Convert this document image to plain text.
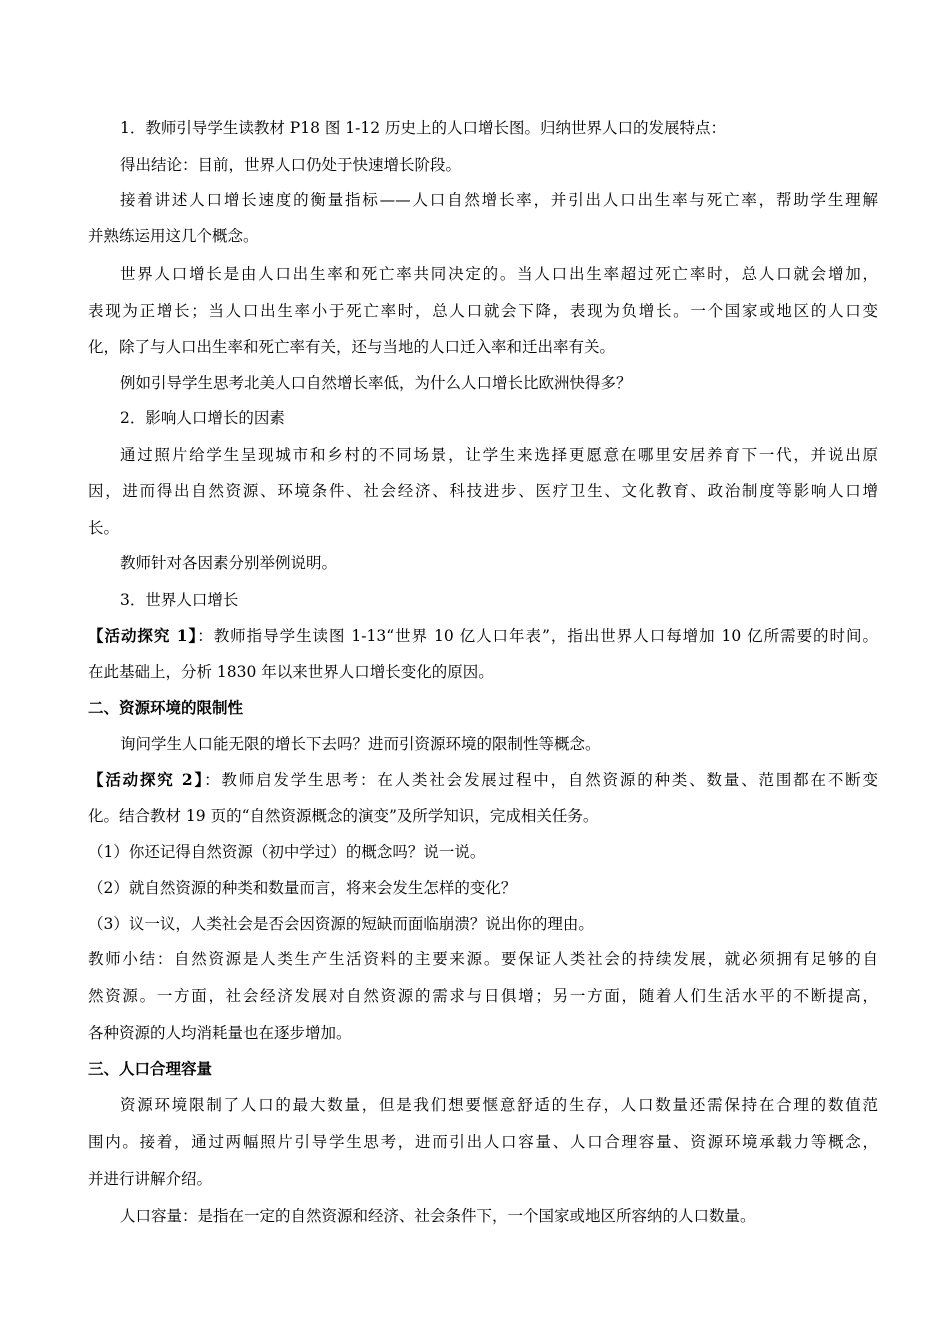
1．教师引导学生读教材 P18 图 1-12 历史上的人口增长图。归纳世界人口的发展特点：
得出结论：目前，世界人口仍处于快速增长阶段。
接着讲述人口增长速度的衡量指标——人口自然增长率，并引出人口出生率与死亡率，帮助学生理解
并熟练运用这几个概念。
世界人口增长是由人口出生率和死亡率共同决定的。当人口出生率超过死亡率时，总人口就会增加，
表现为正增长；当人口出生率小于死亡率时，总人口就会下降，表现为负增长。一个国家或地区的人口变
化，除了与人口出生率和死亡率有关，还与当地的人口迁入率和迁出率有关。
例如引导学生思考北美人口自然增长率低，为什么人口增长比欧洲快得多？
2．影响人口增长的因素
通过照片给学生呈现城市和乡村的不同场景，让学生来选择更愿意在哪里安居养育下一代，并说出原
因，进而得出自然资源、环境条件、社会经济、科技进步、医疗卫生、文化教育、政治制度等影响人口增
长。
教师针对各因素分别举例说明。
3．世界人口增长
【活动探究 1】：教师指导学生读图 1-13“世界 10 亿人口年表”，指出世界人口每增加 10 亿所需要的时间。
在此基础上，分析 1830 年以来世界人口增长变化的原因。
二、资源环境的限制性
询问学生人口能无限的增长下去吗？进而引资源环境的限制性等概念。
【活动探究 2】：教师启发学生思考：在人类社会发展过程中，自然资源的种类、数量、范围都在不断变
化。结合教材 19 页的“自然资源概念的演变”及所学知识，完成相关任务。
（1）你还记得自然资源（初中学过）的概念吗？说一说。
（2）就自然资源的种类和数量而言，将来会发生怎样的变化？
（3）议一议，人类社会是否会因资源的短缺而面临崩溃？说出你的理由。
教师小结：自然资源是人类生产生活资料的主要来源。要保证人类社会的持续发展，就必须拥有足够的自
然资源。一方面，社会经济发展对自然资源的需求与日俱增；另一方面，随着人们生活水平的不断提高，
各种资源的人均消耗量也在逐步增加。
三、人口合理容量
资源环境限制了人口的最大数量，但是我们想要惬意舒适的生存，人口数量还需保持在合理的数值范
围内。接着，通过两幅照片引导学生思考，进而引出人口容量、人口合理容量、资源环境承载力等概念，
并进行讲解介绍。
人口容量：是指在一定的自然资源和经济、社会条件下，一个国家或地区所容纳的人口数量。
